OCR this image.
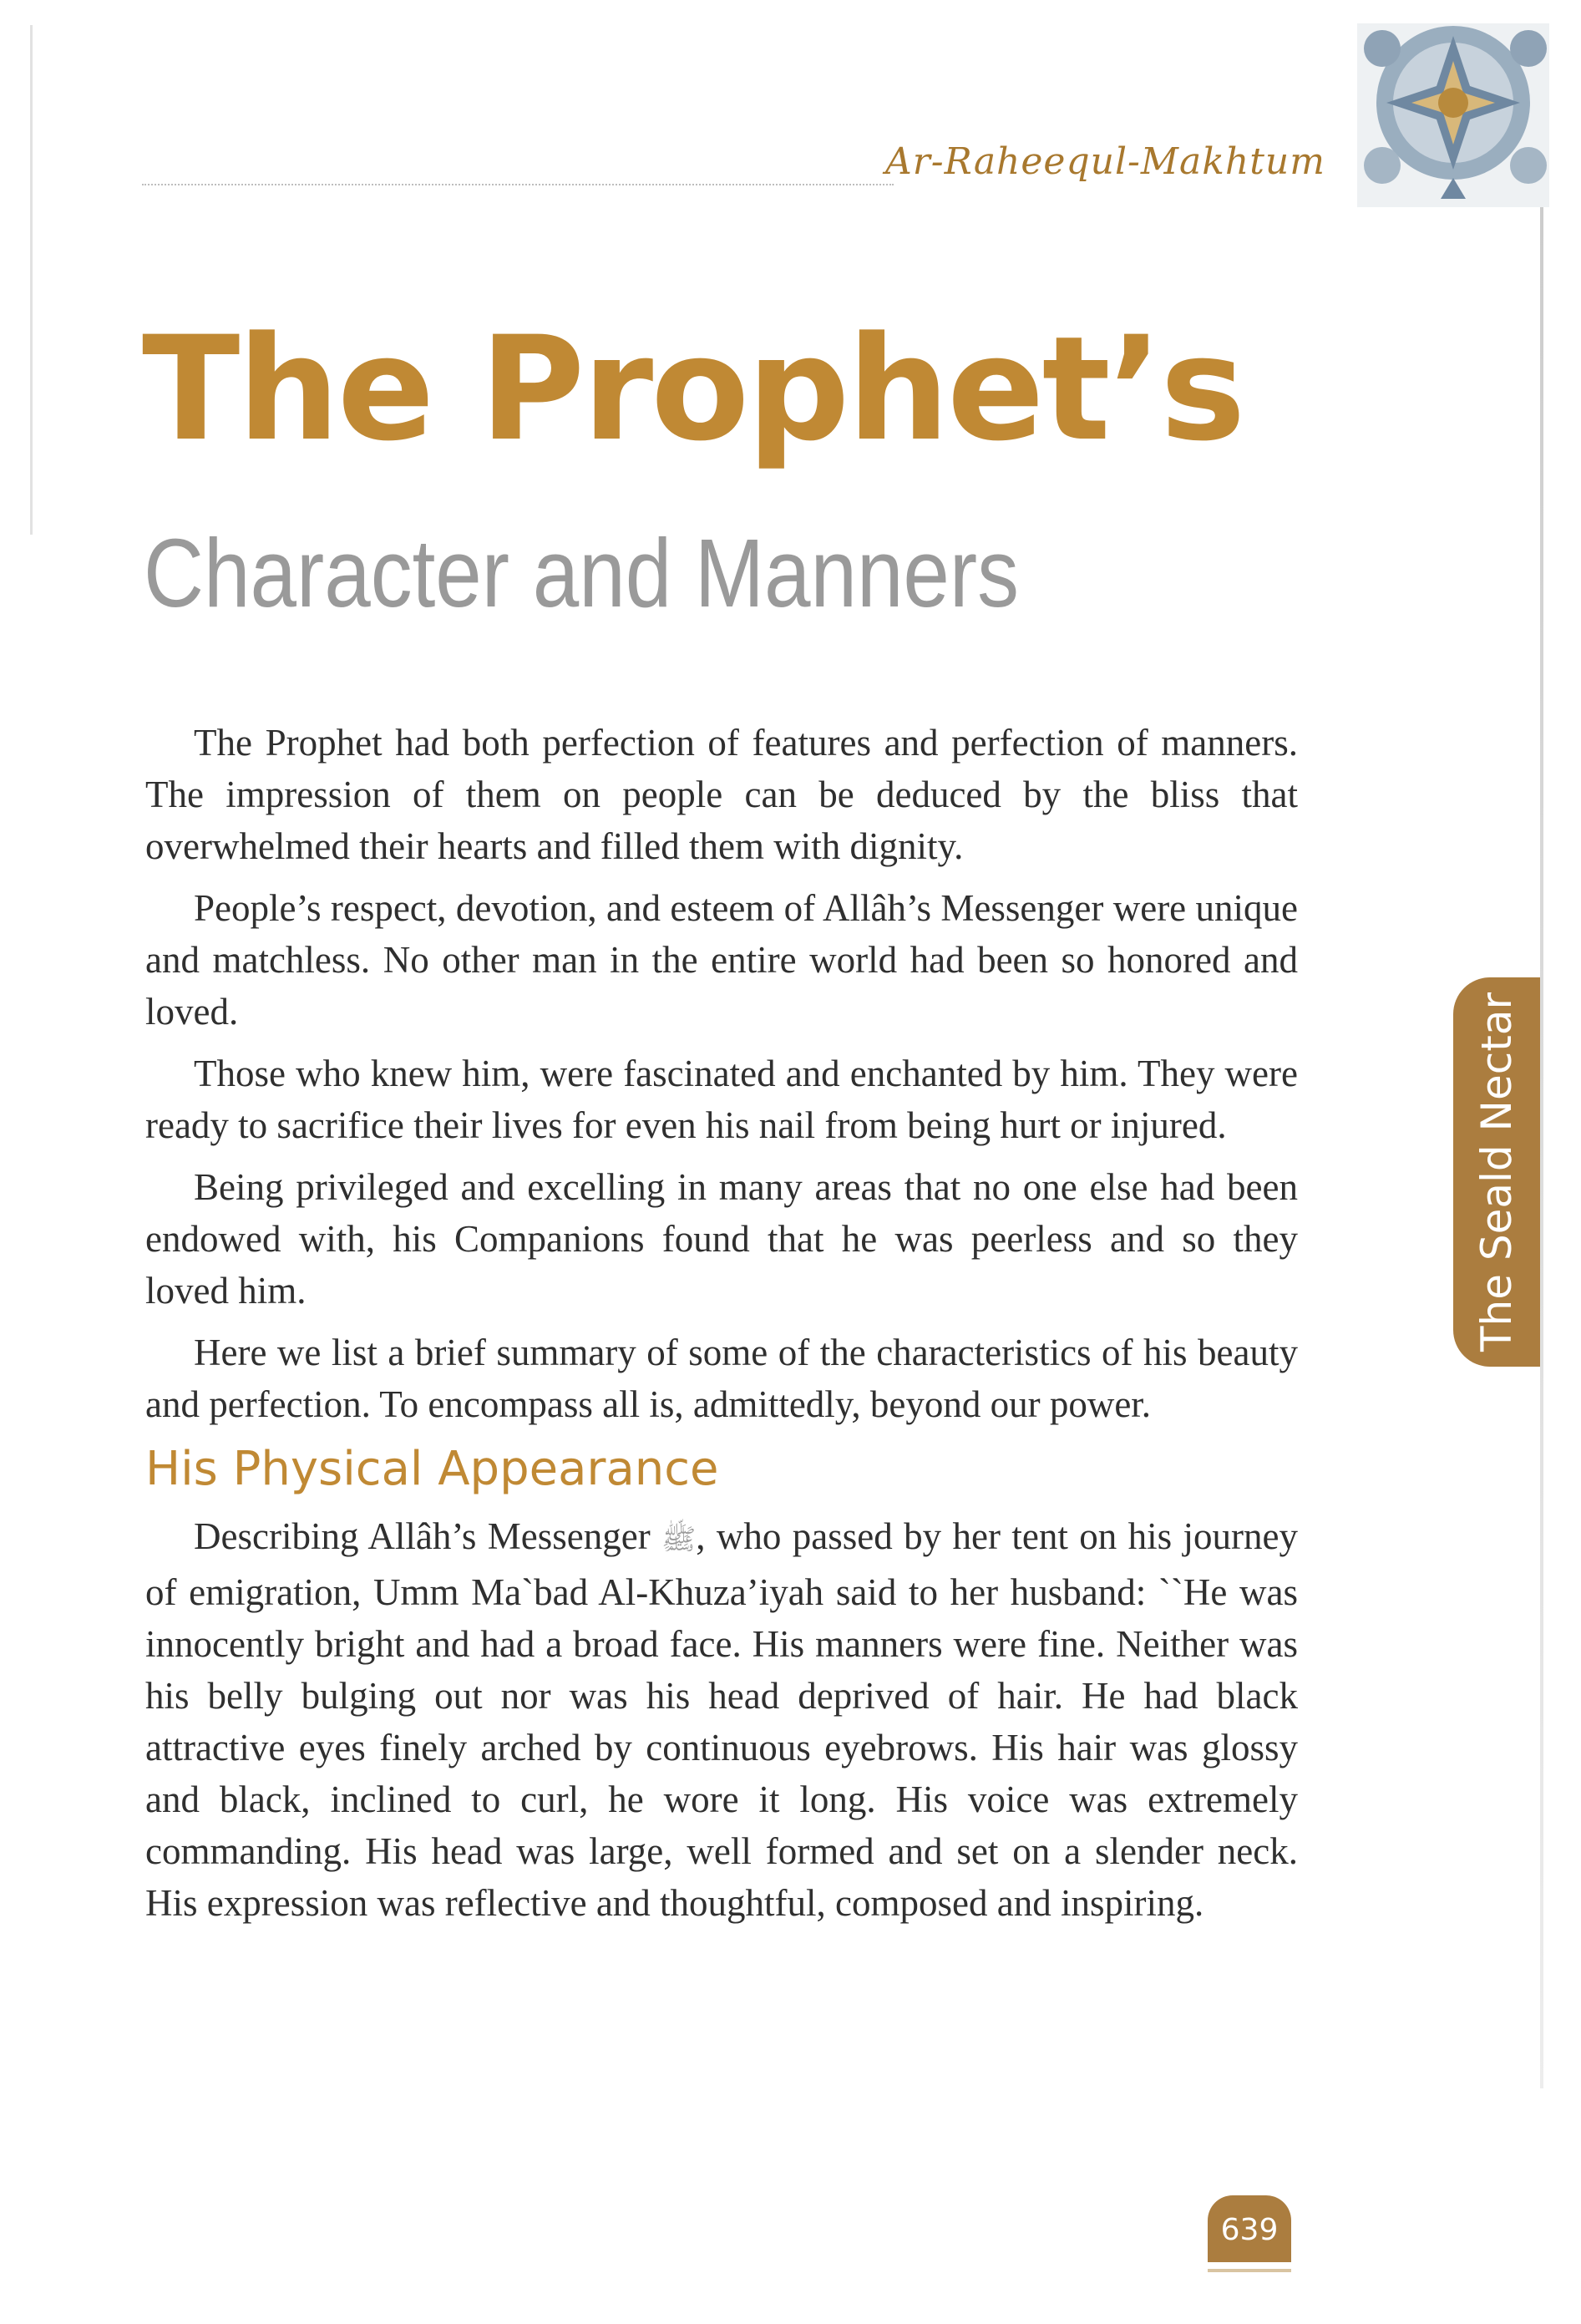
Ar-Raheequl-Makhtum
The Prophet’s
Character and Manners

The Prophet had both perfection of features and perfection of manners. The impression of them on people can be deduced by the bliss that overwhelmed their hearts and filled them with dignity.

People’s respect, devotion, and esteem of Allâh’s Messenger were unique and matchless. No other man in the entire world had been so honored and loved.

Those who knew him, were fascinated and enchanted by him. They were ready to sacrifice their lives for even his nail from being hurt or injured.

Being privileged and excelling in many areas that no one else had been endowed with, his Companions found that he was peerless and so they loved him.

Here we list a brief summary of some of the characteristics of his beauty and perfection. To encompass all is, admittedly, beyond our power.

His Physical Appearance

Describing Allâh’s Messenger ﷺ, who passed by her tent on his journey of emigration, Umm Ma`bad Al-Khuza’iyah said to her husband: ``He was innocently bright and had a broad face. His manners were fine. Neither was his belly bulging out nor was his head deprived of hair. He had black attractive eyes finely arched by continuous eyebrows. His hair was glossy and black, inclined to curl, he wore it long. His voice was extremely commanding. His head was large, well formed and set on a slender neck. His expression was reflective and thoughtful, composed and inspiring.

The Seald Nectar
639
